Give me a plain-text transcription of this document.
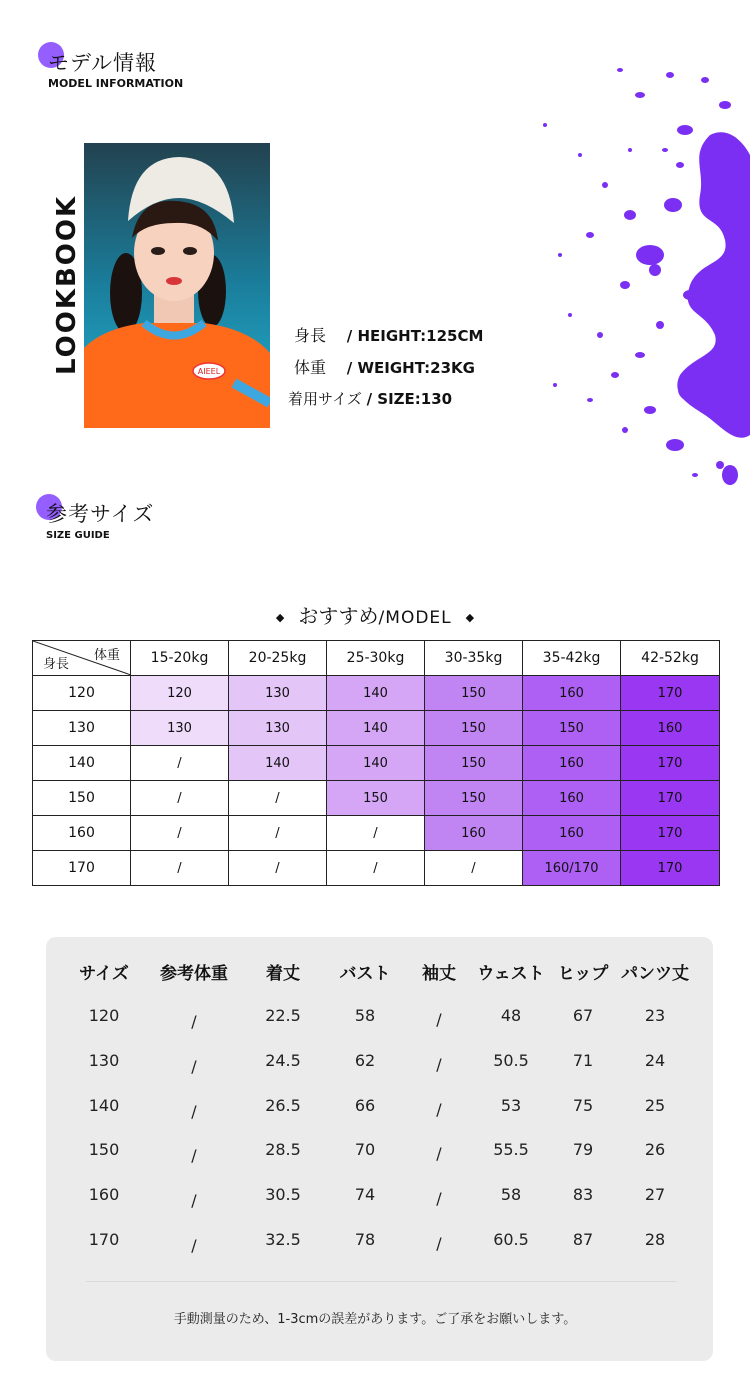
モデル情報
MODEL INFORMATION
LOOKBOOK	AIEEL
身長 / HEIGHT:125CM
体重 / WEIGHT:23KG
着用サイズ / SIZE:130
参考サイズ
SIZE GUIDE
◆ おすすめ/MODEL ◆
体重
身長	15-20kg	20-25kg	25-30kg	30-35kg	35-42kg	42-52kg
120	120	130	140	150	160	170
130	130	130	140	150	150	160
140	/	140	140	150	160	170
150	/	/	150	150	160	170
160	/	/	/	160	160	170
170	/	/	/	/	160/170	170
サイズ 参考体重 着丈 バスト 袖丈 ウェスト ヒップ パンツ丈
120	/	22.5	58	/	48	67	23
130	/	24.5	62	/	50.5	71	24
140	/	26.5	66	/	53	75	25
150	/	28.5	70	/	55.5	79	26
160	/	30.5	74	/	58	83	27
170	/	32.5	78	/	60.5	87	28
手動測量のため、1-3cmの誤差があります。ご了承をお願いします。
